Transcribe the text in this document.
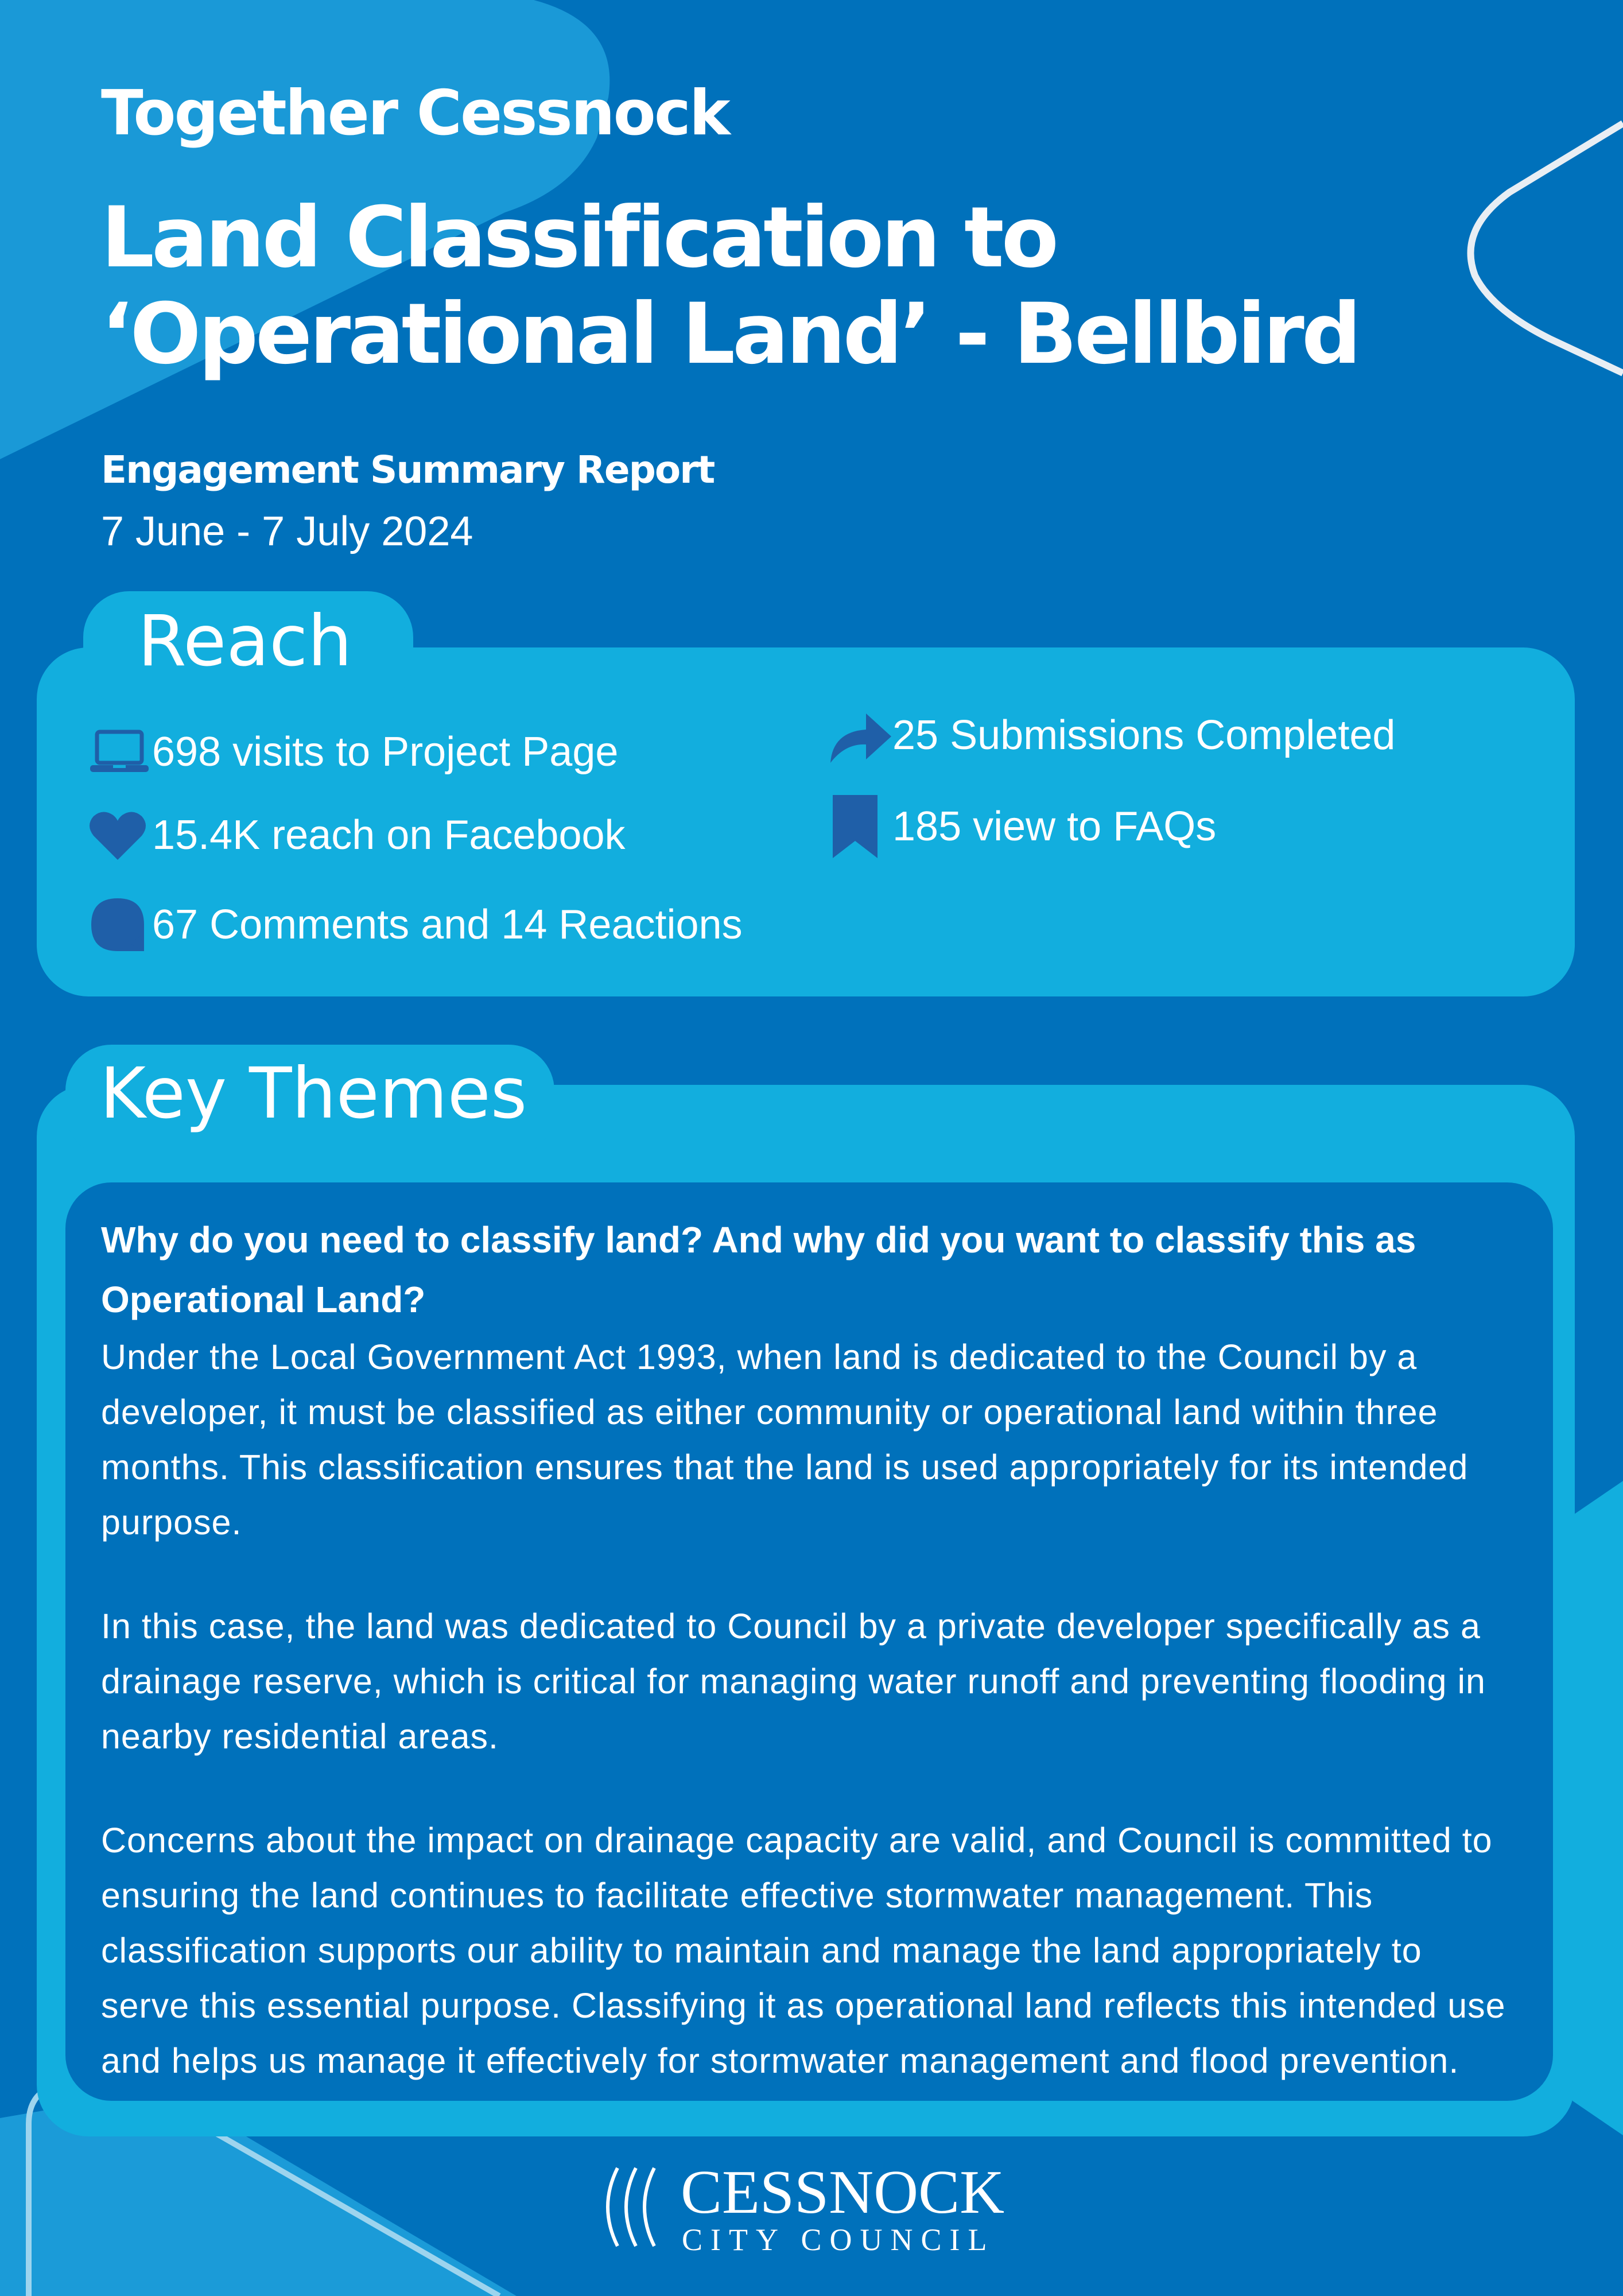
Together Cessnock
Land Classification to
‘Operational Land’ - Bellbird
Engagement Summary Report
7 June - 7 July 2024
Reach
698 visits to Project Page
15.4K reach on Facebook
67 Comments and 14 Reactions
25 Submissions Completed
185 view to FAQs
Key Themes

Why do you need to classify land? And why did you want to classify this as Operational Land?

Under the Local Government Act 1993, when land is dedicated to the Council by a developer, it must be classified as either community or operational land within three months. This classification ensures that the land is used appropriately for its intended purpose.

In this case, the land was dedicated to Council by a private developer specifically as a drainage reserve, which is critical for managing water runoff and preventing flooding in nearby residential areas.

Concerns about the impact on drainage capacity are valid, and Council is committed to ensuring the land continues to facilitate effective stormwater management. This classification supports our ability to maintain and manage the land appropriately to serve this essential purpose. Classifying it as operational land reflects this intended use and helps us manage it effectively for stormwater management and flood prevention.

CESSNOCK
CITY COUNCIL
